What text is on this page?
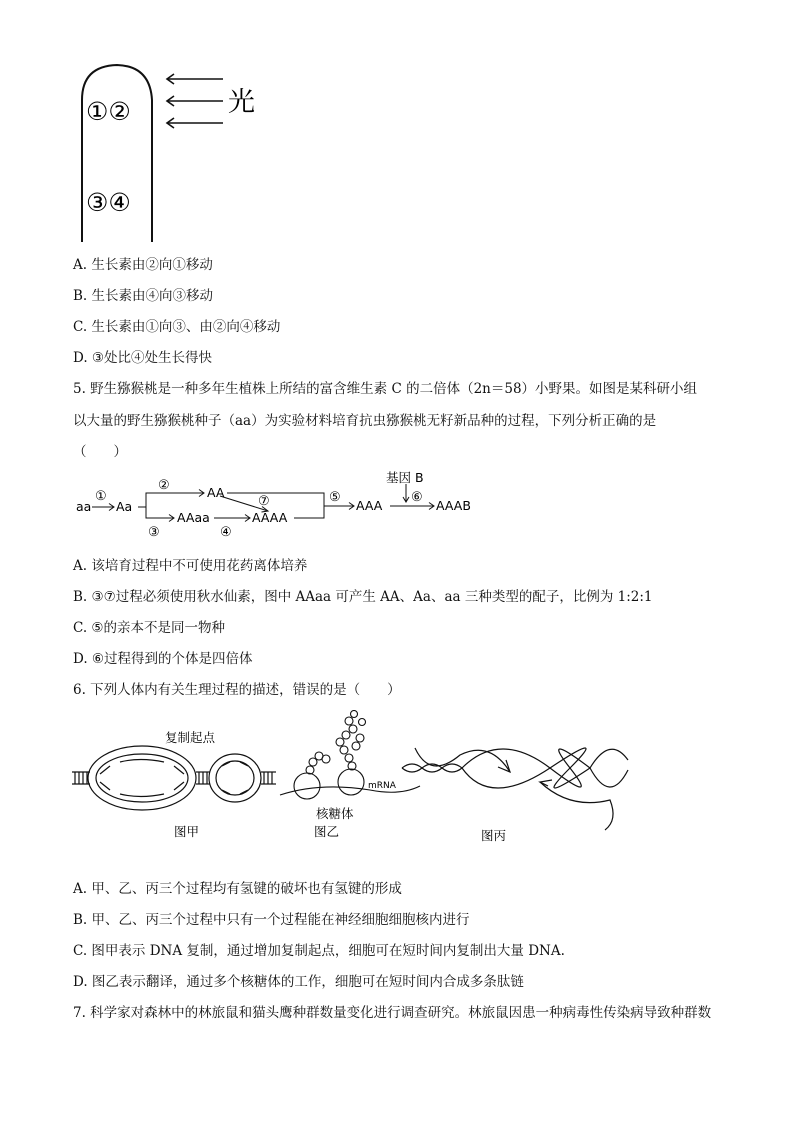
光
①②
③④
A. 生长素由②向①移动
B. 生长素由④向③移动
C. 生长素由①向③、由②向④移动
D. ③处比④处生长得快
5. 野生猕猴桃是一种多年生植株上所结的富含维生素 C 的二倍体（2n＝58）小野果。如图是某科研小组
以大量的野生猕猴桃种子（aa）为实验材料培育抗虫猕猴桃无籽新品种的过程，下列分析正确的是
（　　）
aa
①
Aa
②	AA
③
AAaa
④
AAAA
⑦	⑤
AAA
基因 B
⑥
AAAB
A. 该培育过程中不可使用花药离体培养
B. ③⑦过程必须使用秋水仙素，图中 AAaa 可产生 AA、Aa、aa 三种类型的配子，比例为 1:2:1
C. ⑤的亲本不是同一物种
D. ⑥过程得到的个体是四倍体
6. 下列人体内有关生理过程的描述，错误的是（　　）
复制起点
图甲
核糖体
mRNA
图乙	图丙
A. 甲、乙、丙三个过程均有氢键的破坏也有氢键的形成
B. 甲、乙、丙三个过程中只有一个过程能在神经细胞细胞核内进行
C. 图甲表示 DNA 复制，通过增加复制起点，细胞可在短时间内复制出大量 DNA.
D. 图乙表示翻译，通过多个核糖体的工作，细胞可在短时间内合成多条肽链
7. 科学家对森林中的林旅鼠和猫头鹰种群数量变化进行调查研究。林旅鼠因患一种病毒性传染病导致种群数
